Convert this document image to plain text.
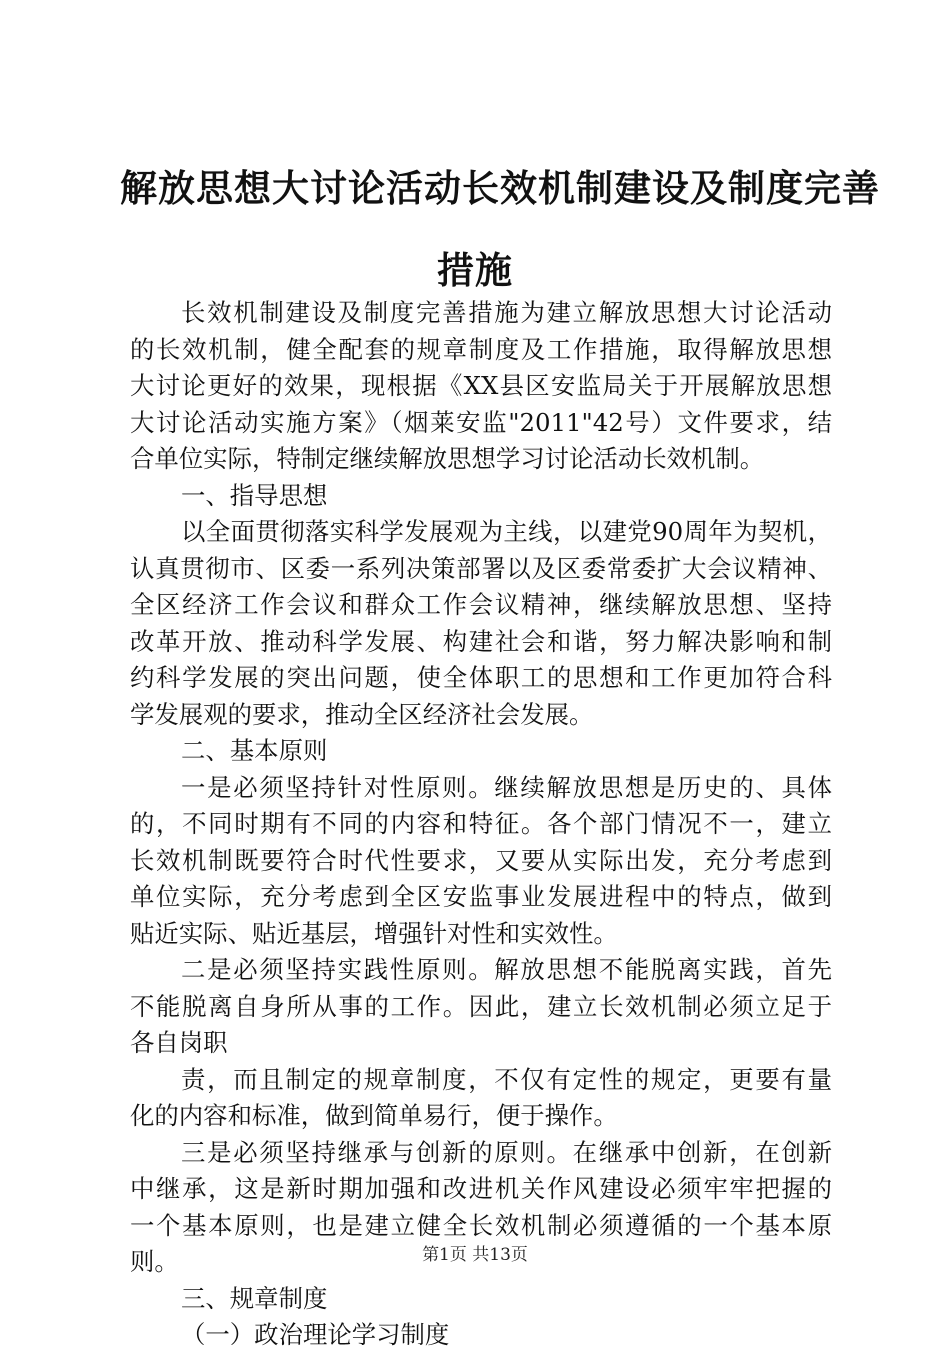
解放思想大讨论活动长效机制建设及制度完善
措施
长效机制建设及制度完善措施为建立解放思想大讨论活动
的长效机制，健全配套的规章制度及工作措施，取得解放思想
大讨论更好的效果，现根据《XX县区安监局关于开展解放思想
大讨论活动实施方案》（烟莱安监"2011"42号）文件要求，结
合单位实际，特制定继续解放思想学习讨论活动长效机制。
一、指导思想
以全面贯彻落实科学发展观为主线，以建党90周年为契机，
认真贯彻市、区委一系列决策部署以及区委常委扩大会议精神、
全区经济工作会议和群众工作会议精神，继续解放思想、坚持
改革开放、推动科学发展、构建社会和谐，努力解决影响和制
约科学发展的突出问题，使全体职工的思想和工作更加符合科
学发展观的要求，推动全区经济社会发展。
二、基本原则
一是必须坚持针对性原则。继续解放思想是历史的、具体
的，不同时期有不同的内容和特征。各个部门情况不一，建立
长效机制既要符合时代性要求，又要从实际出发，充分考虑到
单位实际，充分考虑到全区安监事业发展进程中的特点，做到
贴近实际、贴近基层，增强针对性和实效性。
二是必须坚持实践性原则。解放思想不能脱离实践，首先
不能脱离自身所从事的工作。因此，建立长效机制必须立足于
各自岗职
责，而且制定的规章制度，不仅有定性的规定，更要有量
化的内容和标准，做到简单易行，便于操作。
三是必须坚持继承与创新的原则。在继承中创新，在创新
中继承，这是新时期加强和改进机关作风建设必须牢牢把握的
一个基本原则，也是建立健全长效机制必须遵循的一个基本原
则。
三、规章制度
（一）政治理论学习制度
第1页 共13页
